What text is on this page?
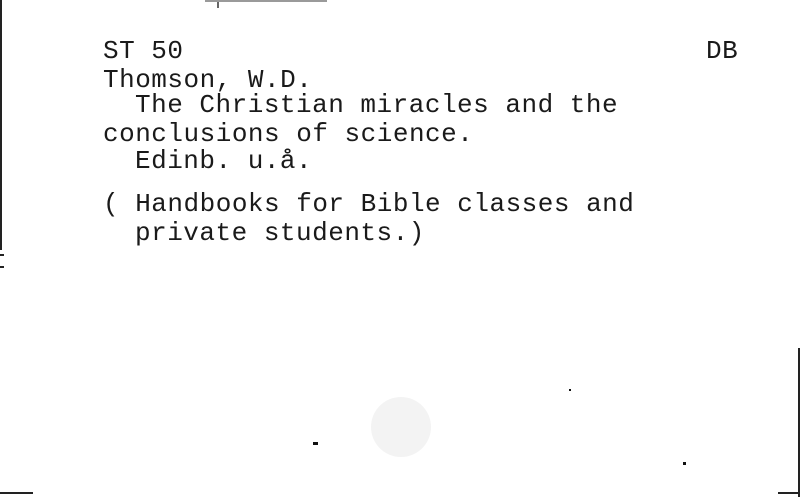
ST 50	DB
Thomson, W.D.
The Christian miracles and the
conclusions of science.
Edinb. u.å.
( Handbooks for Bible classes and
private students.)
